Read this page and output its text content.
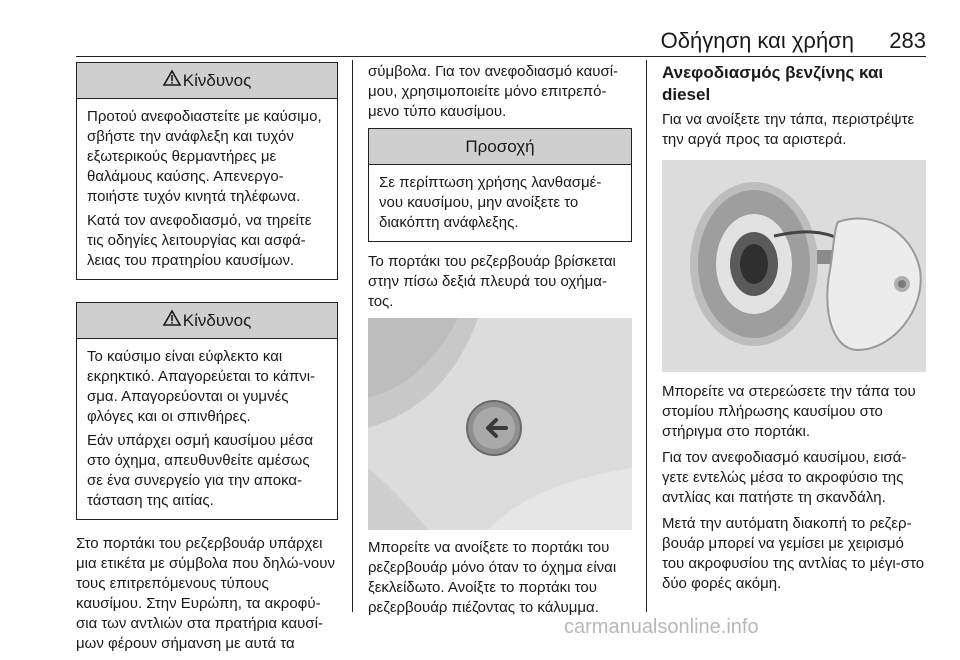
Οδήγηση και χρήση 283
Κίνδυνος

Προτού ανεφοδιαστείτε με καύσιμο, σβήστε την ανάφλεξη και τυχόν εξωτερικούς θερμαντήρες με θαλάμους καύσης. Απενεργο‐ποιήστε τυχόν κινητά τηλέφωνα.

Κατά τον ανεφοδιασμό, να τηρείτε τις οδηγίες λειτουργίας και ασφά‐λειας του πρατηρίου καυσίμων.

Κίνδυνος

Το καύσιμο είναι εύφλεκτο και εκρηκτικό. Απαγορεύεται το κάπνι‐σμα. Απαγορεύονται οι γυμνές φλόγες και οι σπινθήρες.

Εάν υπάρχει οσμή καυσίμου μέσα στο όχημα, απευθυνθείτε αμέσως σε ένα συνεργείο για την αποκα‐τάσταση της αιτίας.

Στο πορτάκι του ρεζερβουάρ υπάρχει μια ετικέτα με σύμβολα που δηλώ‐νουν τους επιτρεπόμενους τύπους καυσίμου. Στην Ευρώπη, τα ακροφύ‐σια των αντλιών στα πρατήρια καυσί‐μων φέρουν σήμανση με αυτά τα

σύμβολα. Για τον ανεφοδιασμό καυσί‐μου, χρησιμοποιείτε μόνο επιτρεπό‐μενο τύπο καυσίμου.

Προσοχή

Σε περίπτωση χρήσης λανθασμέ‐νου καυσίμου, μην ανοίξετε το διακόπτη ανάφλεξης.

Το πορτάκι του ρεζερβουάρ βρίσκεται στην πίσω δεξιά πλευρά του οχήμα‐τος.

Μπορείτε να ανοίξετε το πορτάκι του ρεζερβουάρ μόνο όταν το όχημα είναι ξεκλείδωτο. Ανοίξτε το πορτάκι του ρεζερβουάρ πιέζοντας το κάλυμμα.

Ανεφοδιασμός βενζίνης και diesel

Για να ανοίξετε την τάπα, περιστρέψτε την αργά προς τα αριστερά.

Μπορείτε να στερεώσετε την τάπα του στομίου πλήρωσης καυσίμου στο στήριγμα στο πορτάκι.

Για τον ανεφοδιασμό καυσίμου, εισά‐γετε εντελώς μέσα το ακροφύσιο της αντλίας και πατήστε τη σκανδάλη.

Μετά την αυτόματη διακοπή το ρεζερ‐βουάρ μπορεί να γεμίσει με χειρισμό του ακροφυσίου της αντλίας το μέγι‐στο δύο φορές ακόμη.

carmanualsonline.info
